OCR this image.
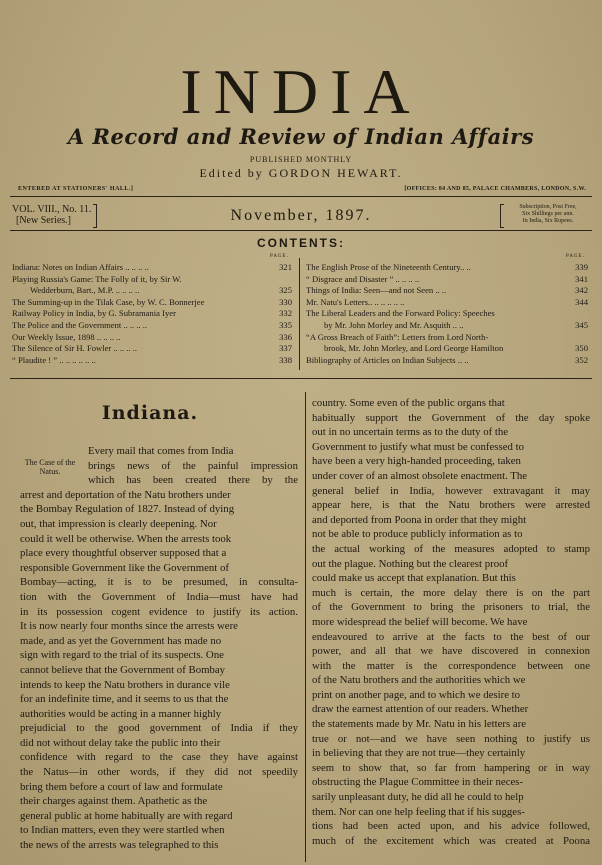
INDIA
A Record and Review of Indian Affairs
PUBLISHED MONTHLY
Edited by GORDON HEWART.
ENTERED AT STATIONERS' HALL.]	[OFFICES: 84 AND 85, PALACE CHAMBERS, LONDON, S.W.
VOL. VIII., No. 11.
[New Series.]	November, 1897.	Subscription, Post Free,
Six Shillings per ann.
In India, Six Rupees.
CONTENTS:
PAGE.	PAGE.
Indiana: Notes on Indian Affairs .. .. .. ..	321
Playing Russia's Game: The Folly of it, by Sir W.
Wedderburn, Bart., M.P. .. .. .. ..	325
The Summing-up in the Tilak Case, by W. C. Bonnerjee	330
Railway Policy in India, by G. Subramania Iyer	332
The Police and the Government .. .. .. ..	335
Our Weekly Issue, 1898 .. .. .. ..	336
The Silence of Sir H. Fowler .. .. .. ..	337
“ Plaudite ! ” .. .. .. .. .. ..	338
The English Prose of the Nineteenth Century.. ..	339
“ Disgrace and Disaster ” .. .. .. ..	341
Things of India: Seen—and not Seen .. ..	342
Mr. Natu's Letters.. .. .. .. .. ..	344
The Liberal Leaders and the Forward Policy: Speeches
by Mr. John Morley and Mr. Asquith .. ..	345
“A Gross Breach of Faith”: Letters from Lord North-
brook, Mr. John Morley, and Lord George Hamilton	350
Bibliography of Articles on Indian Subjects .. ..	352
Indiana.
The Case of the Natus.
Every mail that comes from India
brings news of the painful impression
which has been created there by the
arrest and deportation of the Natu brothers under
the Bombay Regulation of 1827. Instead of dying
out, that impression is clearly deepening. Nor
could it well be otherwise. When the arrests took
place every thoughtful observer supposed that a
responsible Government like the Government of
Bombay—acting, it is to be presumed, in consulta-
tion with the Government of India—must have had
in its possession cogent evidence to justify its action.
It is now nearly four months since the arrests were
made, and as yet the Government has made no
sign with regard to the trial of its suspects. One
cannot believe that the Government of Bombay
intends to keep the Natu brothers in durance vile
for an indefinite time, and it seems to us that the
authorities would be acting in a manner highly
prejudicial to the good government of India if they
did not without delay take the public into their
confidence with regard to the case they have against
the Natus—in other words, if they did not speedily
bring them before a court of law and formulate
their charges against them. Apathetic as the
general public at home habitually are with regard
to Indian matters, even they were startled when
the news of the arrests was telegraphed to this
country. Some even of the public organs that
habitually support the Government of the day spoke
out in no uncertain terms as to the duty of the
Government to justify what must be confessed to
have been a very high-handed proceeding, taken
under cover of an almost obsolete enactment. The
general belief in India, however extravagant it may
appear here, is that the Natu brothers were arrested
and deported from Poona in order that they might
not be able to produce publicly information as to
the actual working of the measures adopted to stamp
out the plague. Nothing but the clearest proof
could make us accept that explanation. But this
much is certain, the more delay there is on the part
of the Government to bring the prisoners to trial, the
more widespread the belief will become. We have
endeavoured to arrive at the facts to the best of our
power, and all that we have discovered in connexion
with the matter is the correspondence between one
of the Natu brothers and the authorities which we
print on another page, and to which we desire to
draw the earnest attention of our readers. Whether
the statements made by Mr. Natu in his letters are
true or not—and we have seen nothing to justify us
in believing that they are not true—they certainly
seem to show that, so far from hampering or in way
obstructing the Plague Committee in their neces-
sarily unpleasant duty, he did all he could to help
them. Nor can one help feeling that if his sugges-
tions had been acted upon, and his advice followed,
much of the excitement which was created at Poona
